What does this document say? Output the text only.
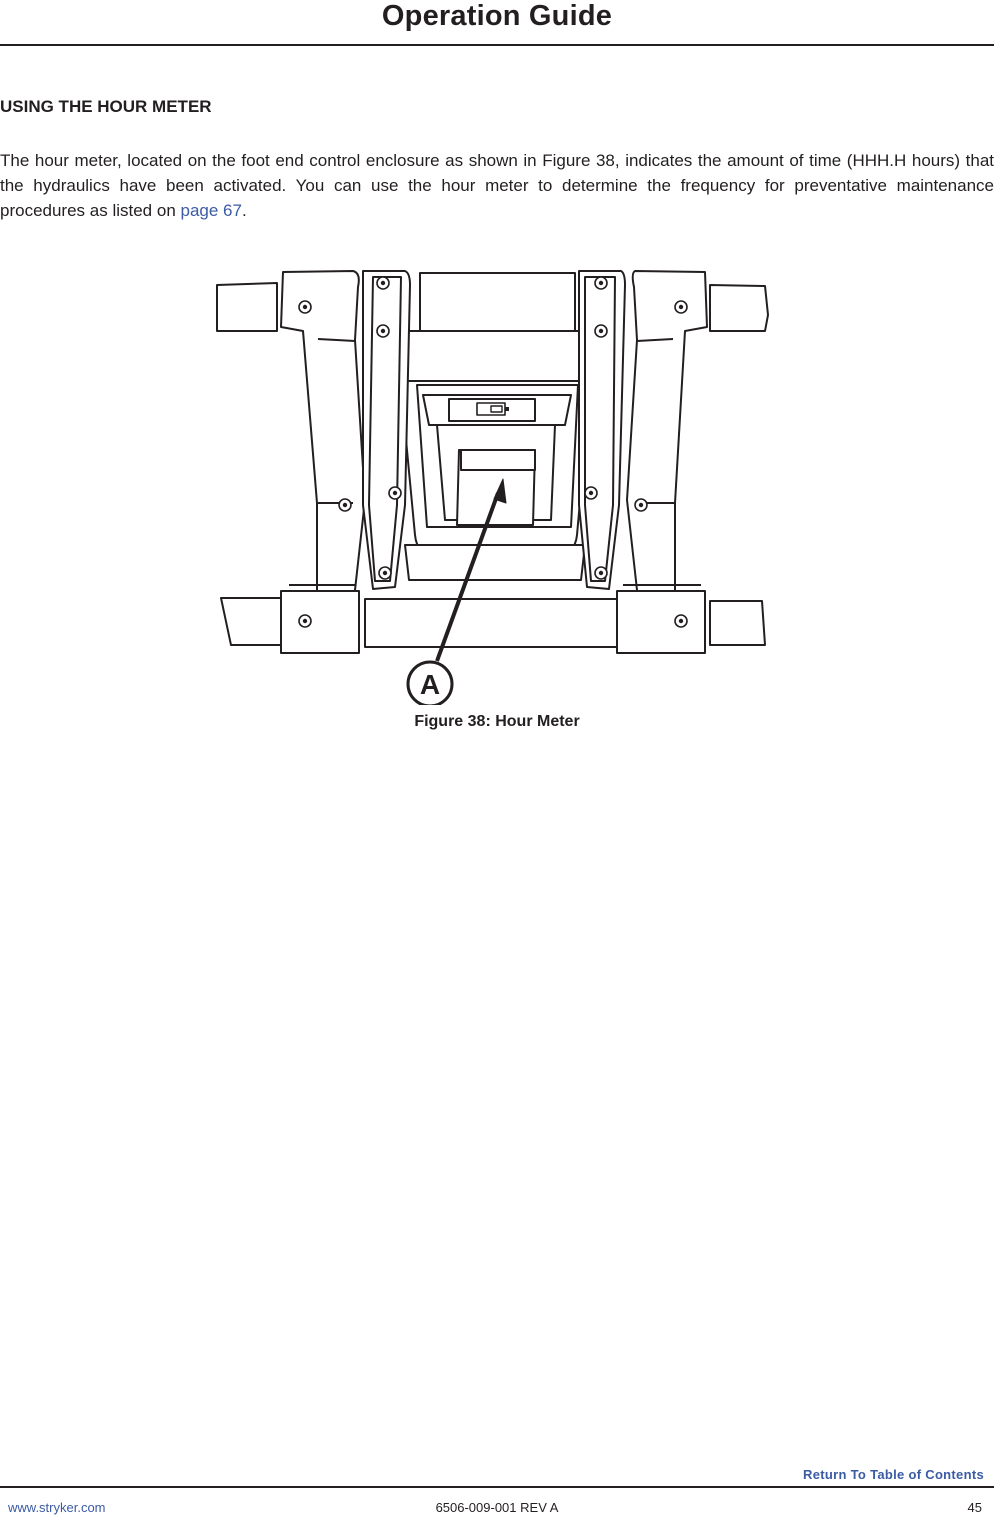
Operation Guide
USING THE HOUR METER

The hour meter, located on the foot end control enclosure as shown in Figure 38, indicates the amount of time (HHH.H hours) that the hydraulics have been activated. You can use the hour meter to determine the frequency for preventative maintenance procedures as listed on page 67.

A
Figure 38: Hour Meter
Return To Table of Contents
www.stryker.com	6506-009-001 REV A	45
